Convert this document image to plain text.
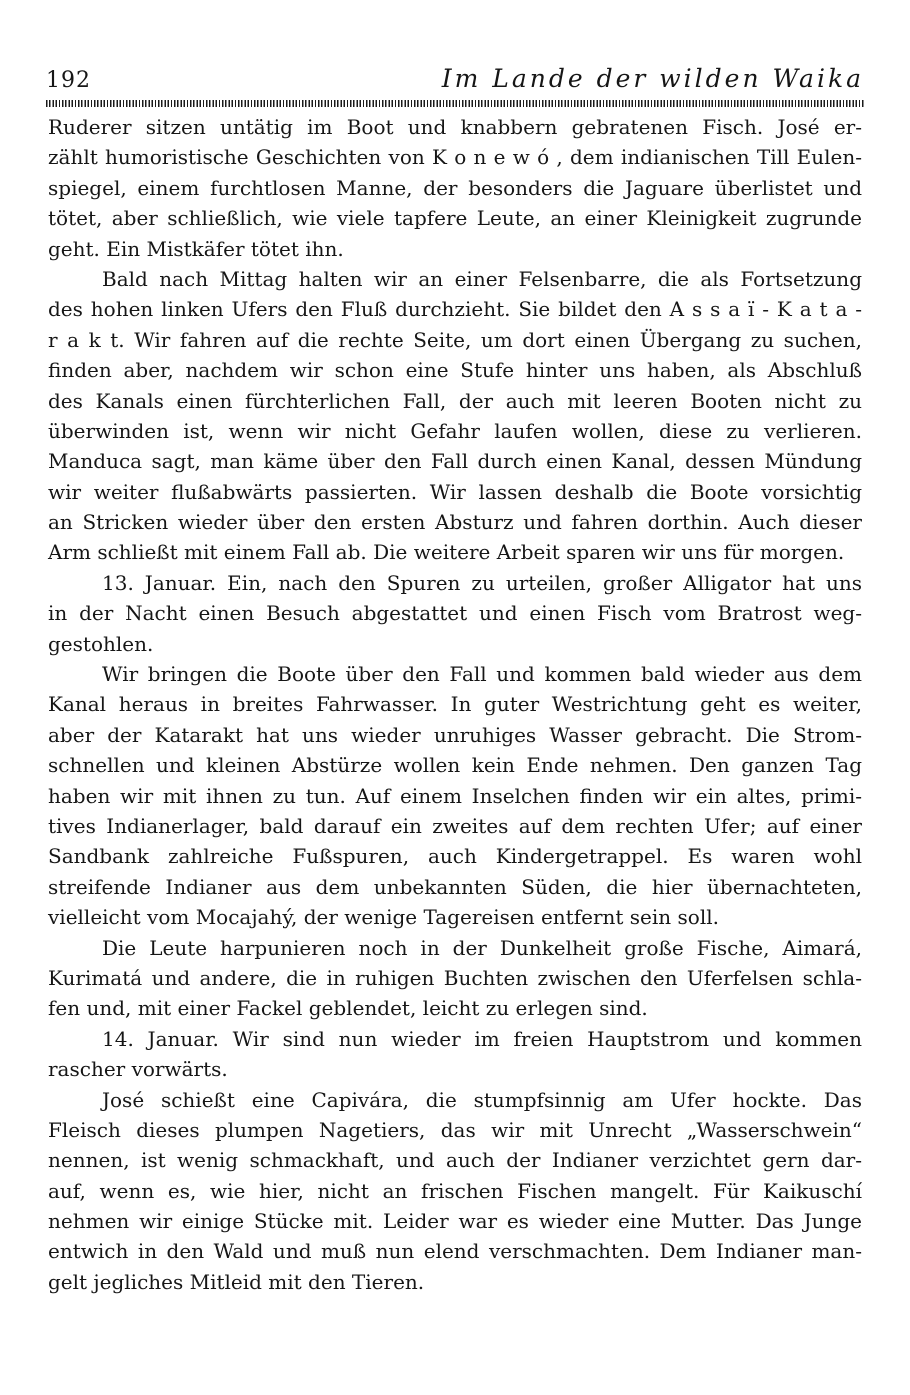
192	Im Lande der wilden Waika
Ruderer sitzen untätig im Boot und knabbern gebratenen Fisch. José er-
zählt humoristische Geschichten von K o n e w ó , dem indianischen Till Eulen-
spiegel, einem furchtlosen Manne, der besonders die Jaguare überlistet und
tötet, aber schließlich, wie viele tapfere Leute, an einer Kleinigkeit zugrunde
geht. Ein Mistkäfer tötet ihn.
Bald nach Mittag halten wir an einer Felsenbarre, die als Fortsetzung
des hohen linken Ufers den Fluß durchzieht. Sie bildet den A s s a ï - K a t a -
r a k t. Wir fahren auf die rechte Seite, um dort einen Übergang zu suchen,
finden aber, nachdem wir schon eine Stufe hinter uns haben, als Abschluß
des Kanals einen fürchterlichen Fall, der auch mit leeren Booten nicht zu
überwinden ist, wenn wir nicht Gefahr laufen wollen, diese zu verlieren.
Manduca sagt, man käme über den Fall durch einen Kanal, dessen Mündung
wir weiter flußabwärts passierten. Wir lassen deshalb die Boote vorsichtig
an Stricken wieder über den ersten Absturz und fahren dorthin. Auch dieser
Arm schließt mit einem Fall ab. Die weitere Arbeit sparen wir uns für morgen.
13. Januar. Ein, nach den Spuren zu urteilen, großer Alligator hat uns
in der Nacht einen Besuch abgestattet und einen Fisch vom Bratrost weg-
gestohlen.
Wir bringen die Boote über den Fall und kommen bald wieder aus dem
Kanal heraus in breites Fahrwasser. In guter Westrichtung geht es weiter,
aber der Katarakt hat uns wieder unruhiges Wasser gebracht. Die Strom-
schnellen und kleinen Abstürze wollen kein Ende nehmen. Den ganzen Tag
haben wir mit ihnen zu tun. Auf einem Inselchen finden wir ein altes, primi-
tives Indianerlager, bald darauf ein zweites auf dem rechten Ufer; auf einer
Sandbank zahlreiche Fußspuren, auch Kindergetrappel. Es waren wohl
streifende Indianer aus dem unbekannten Süden, die hier übernachteten,
vielleicht vom Mocajahý, der wenige Tagereisen entfernt sein soll.
Die Leute harpunieren noch in der Dunkelheit große Fische, Aimará,
Kurimatá und andere, die in ruhigen Buchten zwischen den Uferfelsen schla-
fen und, mit einer Fackel geblendet, leicht zu erlegen sind.
14. Januar. Wir sind nun wieder im freien Hauptstrom und kommen
rascher vorwärts.
José schießt eine Capivára, die stumpfsinnig am Ufer hockte. Das
Fleisch dieses plumpen Nagetiers, das wir mit Unrecht „Wasserschwein“
nennen, ist wenig schmackhaft, und auch der Indianer verzichtet gern dar-
auf, wenn es, wie hier, nicht an frischen Fischen mangelt. Für Kaikuschí
nehmen wir einige Stücke mit. Leider war es wieder eine Mutter. Das Junge
entwich in den Wald und muß nun elend verschmachten. Dem Indianer man-
gelt jegliches Mitleid mit den Tieren.
